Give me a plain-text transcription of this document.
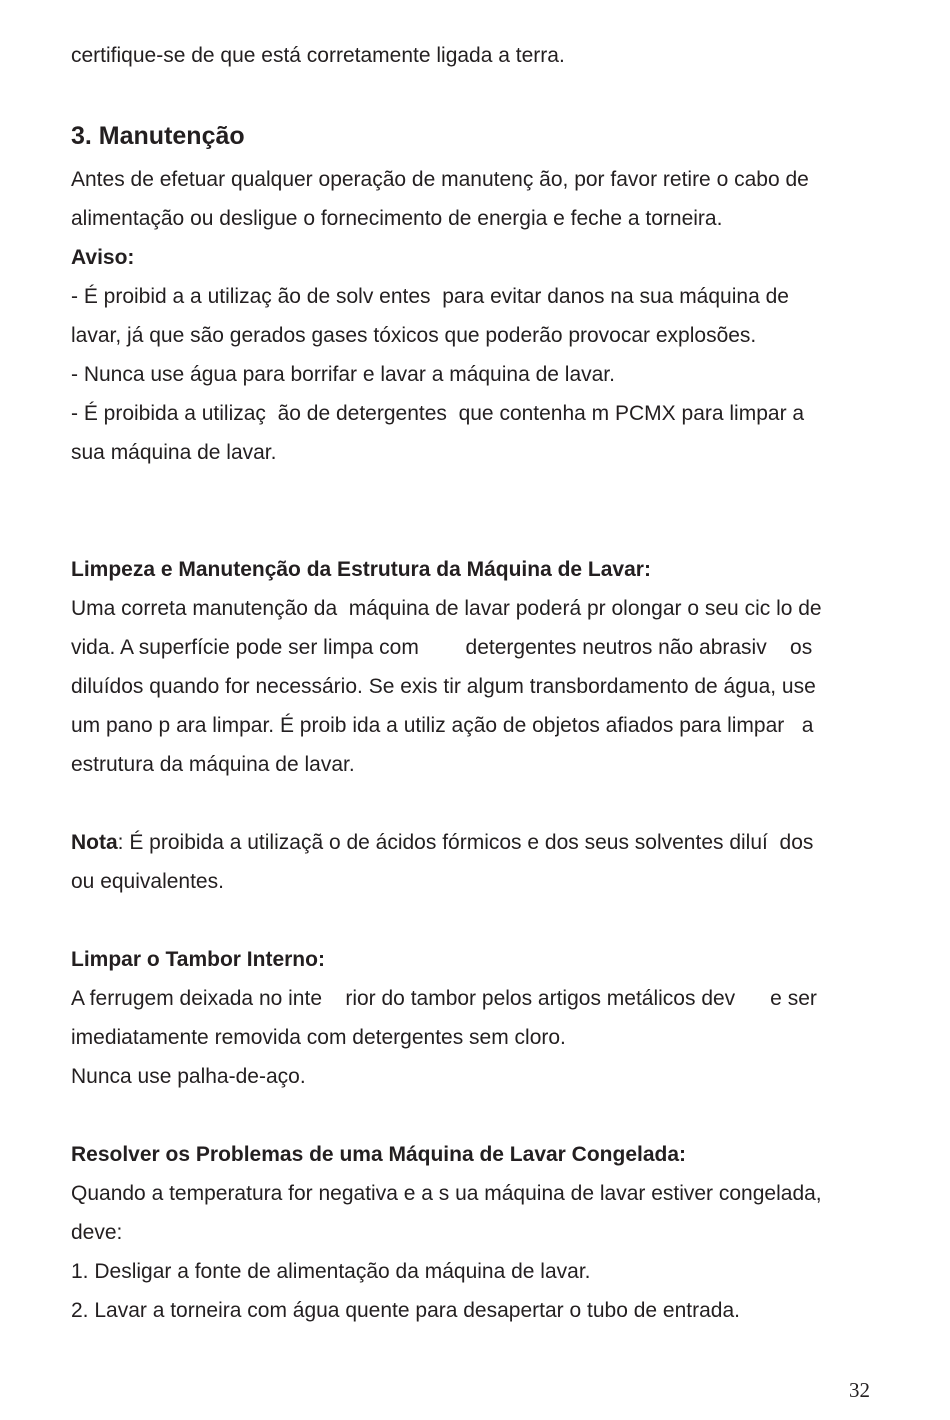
certifique-se de que está corretamente ligada a terra.
3. Manutenção
Antes de efetuar qualquer operação de manutenç ão, por favor retire o cabo de
alimentação ou desligue o fornecimento de energia e feche a torneira.
Aviso:
- É proibid a a utilizaç ão de solv entes  para evitar danos na sua máquina de
lavar, já que são gerados gases tóxicos que poderão provocar explosões.
- Nunca use água para borrifar e lavar a máquina de lavar.
- É proibida a utilizaç  ão de detergentes  que contenha m PCMX para limpar a
sua máquina de lavar.
Limpeza e Manutenção da Estrutura da Máquina de Lavar:
Uma correta manutenção da  máquina de lavar poderá pr olongar o seu cic lo de
vida. A superfície pode ser limpa com        detergentes neutros não abrasiv    os
diluídos quando for necessário. Se exis tir algum transbordamento de água, use
um pano p ara limpar. É proib ida a utiliz ação de objetos afiados para limpar   a
estrutura da máquina de lavar.
Nota: É proibida a utilizaçã o de ácidos fórmicos e dos seus solventes diluí  dos
ou equivalentes.
Limpar o Tambor Interno:
A ferrugem deixada no inte    rior do tambor pelos artigos metálicos dev      e ser
imediatamente removida com detergentes sem cloro.
Nunca use palha-de-aço.
Resolver os Problemas de uma Máquina de Lavar Congelada:
Quando a temperatura for negativa e a s ua máquina de lavar estiver congelada,
deve:
1. Desligar a fonte de alimentação da máquina de lavar.
2. Lavar a torneira com água quente para desapertar o tubo de entrada.
32
